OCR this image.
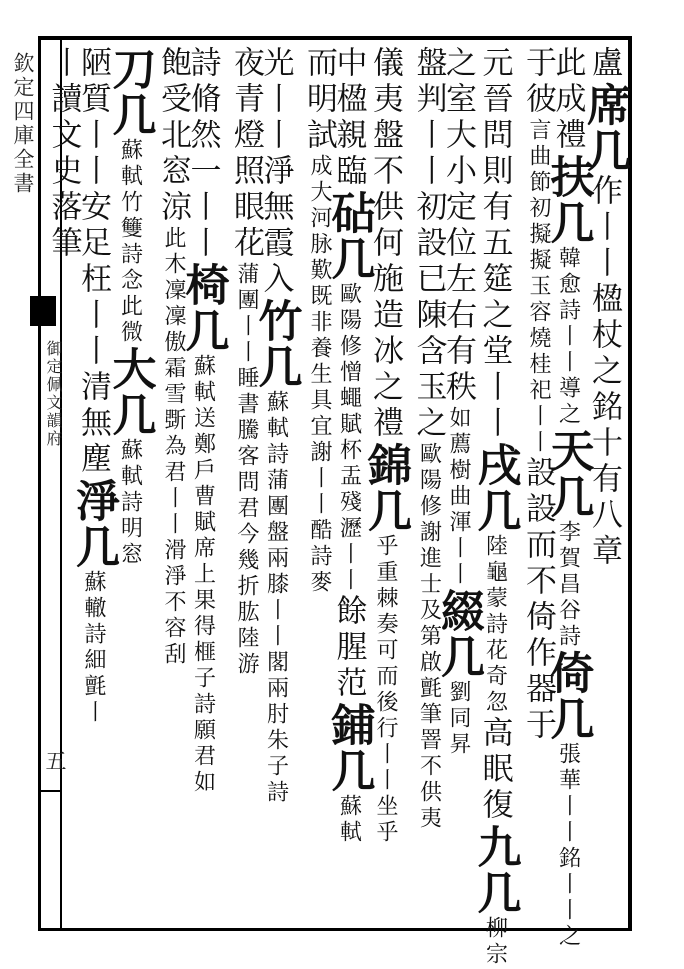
欽定四庫全書
御定佩文韻府
五
盧席几作丨丨楹杖之銘十有八章
此成禮扶几韓愈詩丨丨導之天几李賀昌谷詩倚几張華丨丨銘丨丨之
于彼言曲節初擬擬玉容燒桂祀丨丨設設而不倚作器于
元晉問則有五筵之堂丨丨戌几陸龜蒙詩花奇忽高眠復九几柳宗
之室大小定位左右有秩如薦樹曲渾丨丨綴几劉同昇
盤判丨丨初設已陳含玉之歐陽修謝進士及第啟氈筆罯不供夷
儀夷盤不供何施造冰之禮錦几乎重棘奏可而後行丨丨坐乎
中楹親臨砧几歐陽修憎蠅賦杯盂殘瀝丨丨餘腥范鋪几蘇軾
而明試成大河脉歎既非養生具宜謝丨丨酷詩麥
光丨丨淨無霞入竹几蘇軾詩蒲團盤兩膝丨丨閣兩肘朱子詩
夜青燈照眼花蒲團丨丨睡書騰客問君今幾折肱陸游
詩脩然一丨丨椅几蘇軾送鄭戶曹賦席上果得榧子詩願君如
飽受北窓涼此木凜凜傲霜雪斲為君丨丨滑淨不容刮
刀几蘇軾竹䉶詩念此微大几蘇軾詩明窓
陋質丨丨安足枉丨丨清無塵淨几蘇轍詩細氈丨
丨讀文史落筆
